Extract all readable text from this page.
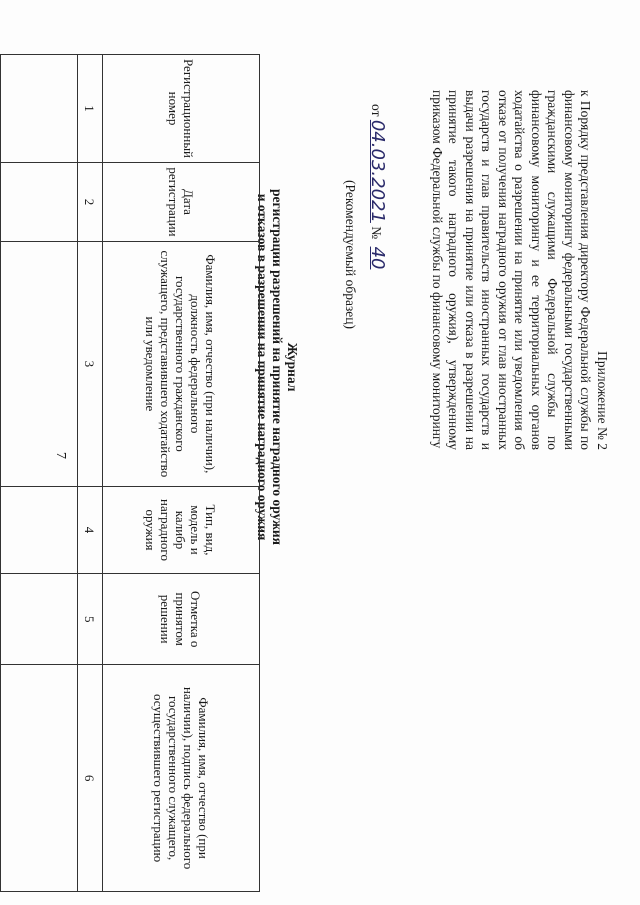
7
Приложение № 2
к Порядку представления директору Федеральной службы по финансовому мониторингу федеральными государственными гражданскими служащими Федеральной службы по финансовому мониторингу и ее территориальных органов ходатайства о разрешении на принятие или уведомления об отказе от получения наградного оружия от глав иностранных государств и глав правительств иностранных государств и выдачи разрешения на принятие или отказа в разрешении на принятие такого наградного оружия), утвержденному приказом Федеральной службы по финансовому мониторингу
от 04.03.2021 № 40
(Рекомендуемый образец)
Журнал
регистрации разрешений на принятие наградного оружия
и отказов в разрешении на принятие наградного оружия
Регистрационный номер	Дата регистрации	Фамилия, имя, отчество (при наличии), должность федерального государственного гражданского служащего, представившего ходатайство или уведомление	Тип, вид, модель и калибр наградного оружия	Отметка о принятом решении	Фамилия, имя, отчество (при наличии), подпись федерального государственного служащего, осуществившего регистрацию
1	2	3	4	5	6
